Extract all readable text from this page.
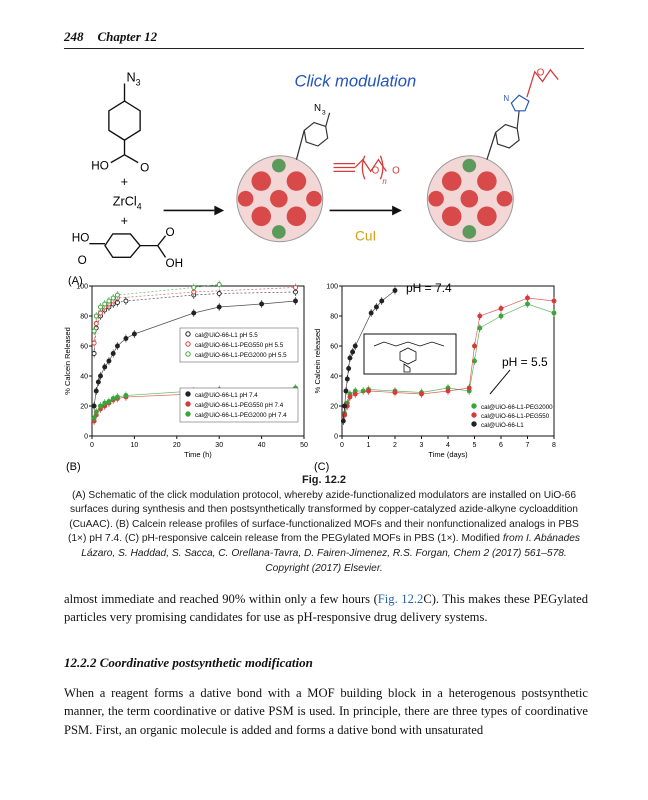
248 Chapter 12
Click modulation
$N_3$
HO	O
+
ZrCl$_4$
+
HO
O
O
OH
CuI
O O
n
N 3
O
N
(B)
(A)
0	10	20	30	40	50
0
20
40
60
80
100
Time (h)
% Calcein Released	cal@UiO-66-L1 pH 5.5
cal@UiO-66-L1-PEG550 pH 5.5
cal@UiO-66-L1-PEG2000 pH 5.5
cal@UiO-66-L1 pH 7.4
cal@UiO-66-L1-PEG550 pH 7.4
cal@UiO-66-L1-PEG2000 pH 7.4
(C)
0	1	2	3	4	5	6	7	8
0
20
40
60
80
100
Time (days)
% Calcein released
cal@UiO-66-L1-PEG2000
cal@UiO-66-L1-PEG550
cal@UiO-66-L1
pH = 7.4
pH = 5.5
Fig. 12.2
(A) Schematic of the click modulation protocol, whereby azide-functionalized modulators are installed on UiO-66 surfaces during synthesis and then postsynthetically transformed by copper-catalyzed azide-alkyne cycloaddition (CuAAC). (B) Calcein release profiles of surface-functionalized MOFs and their nonfunctionalized analogs in PBS (1×) pH 7.4. (C) pH-responsive calcein release from the PEGylated MOFs in PBS (1×). Modified from I. Abánades Lázaro, S. Haddad, S. Sacca, C. Orellana-Tavra, D. Fairen-Jimenez, R.S. Forgan, Chem 2 (2017) 561–578. Copyright (2017) Elsevier.
almost immediate and reached 90% within only a few hours (Fig. 12.2C). This makes these PEGylated particles very promising candidates for use as pH-responsive drug delivery systems.
12.2.2 Coordinative postsynthetic modification
When a reagent forms a dative bond with a MOF building block in a heterogenous postsynthetic manner, the term coordinative or dative PSM is used. In principle, there are three types of coordinative PSM. First, an organic molecule is added and forms a dative bond with unsaturated
